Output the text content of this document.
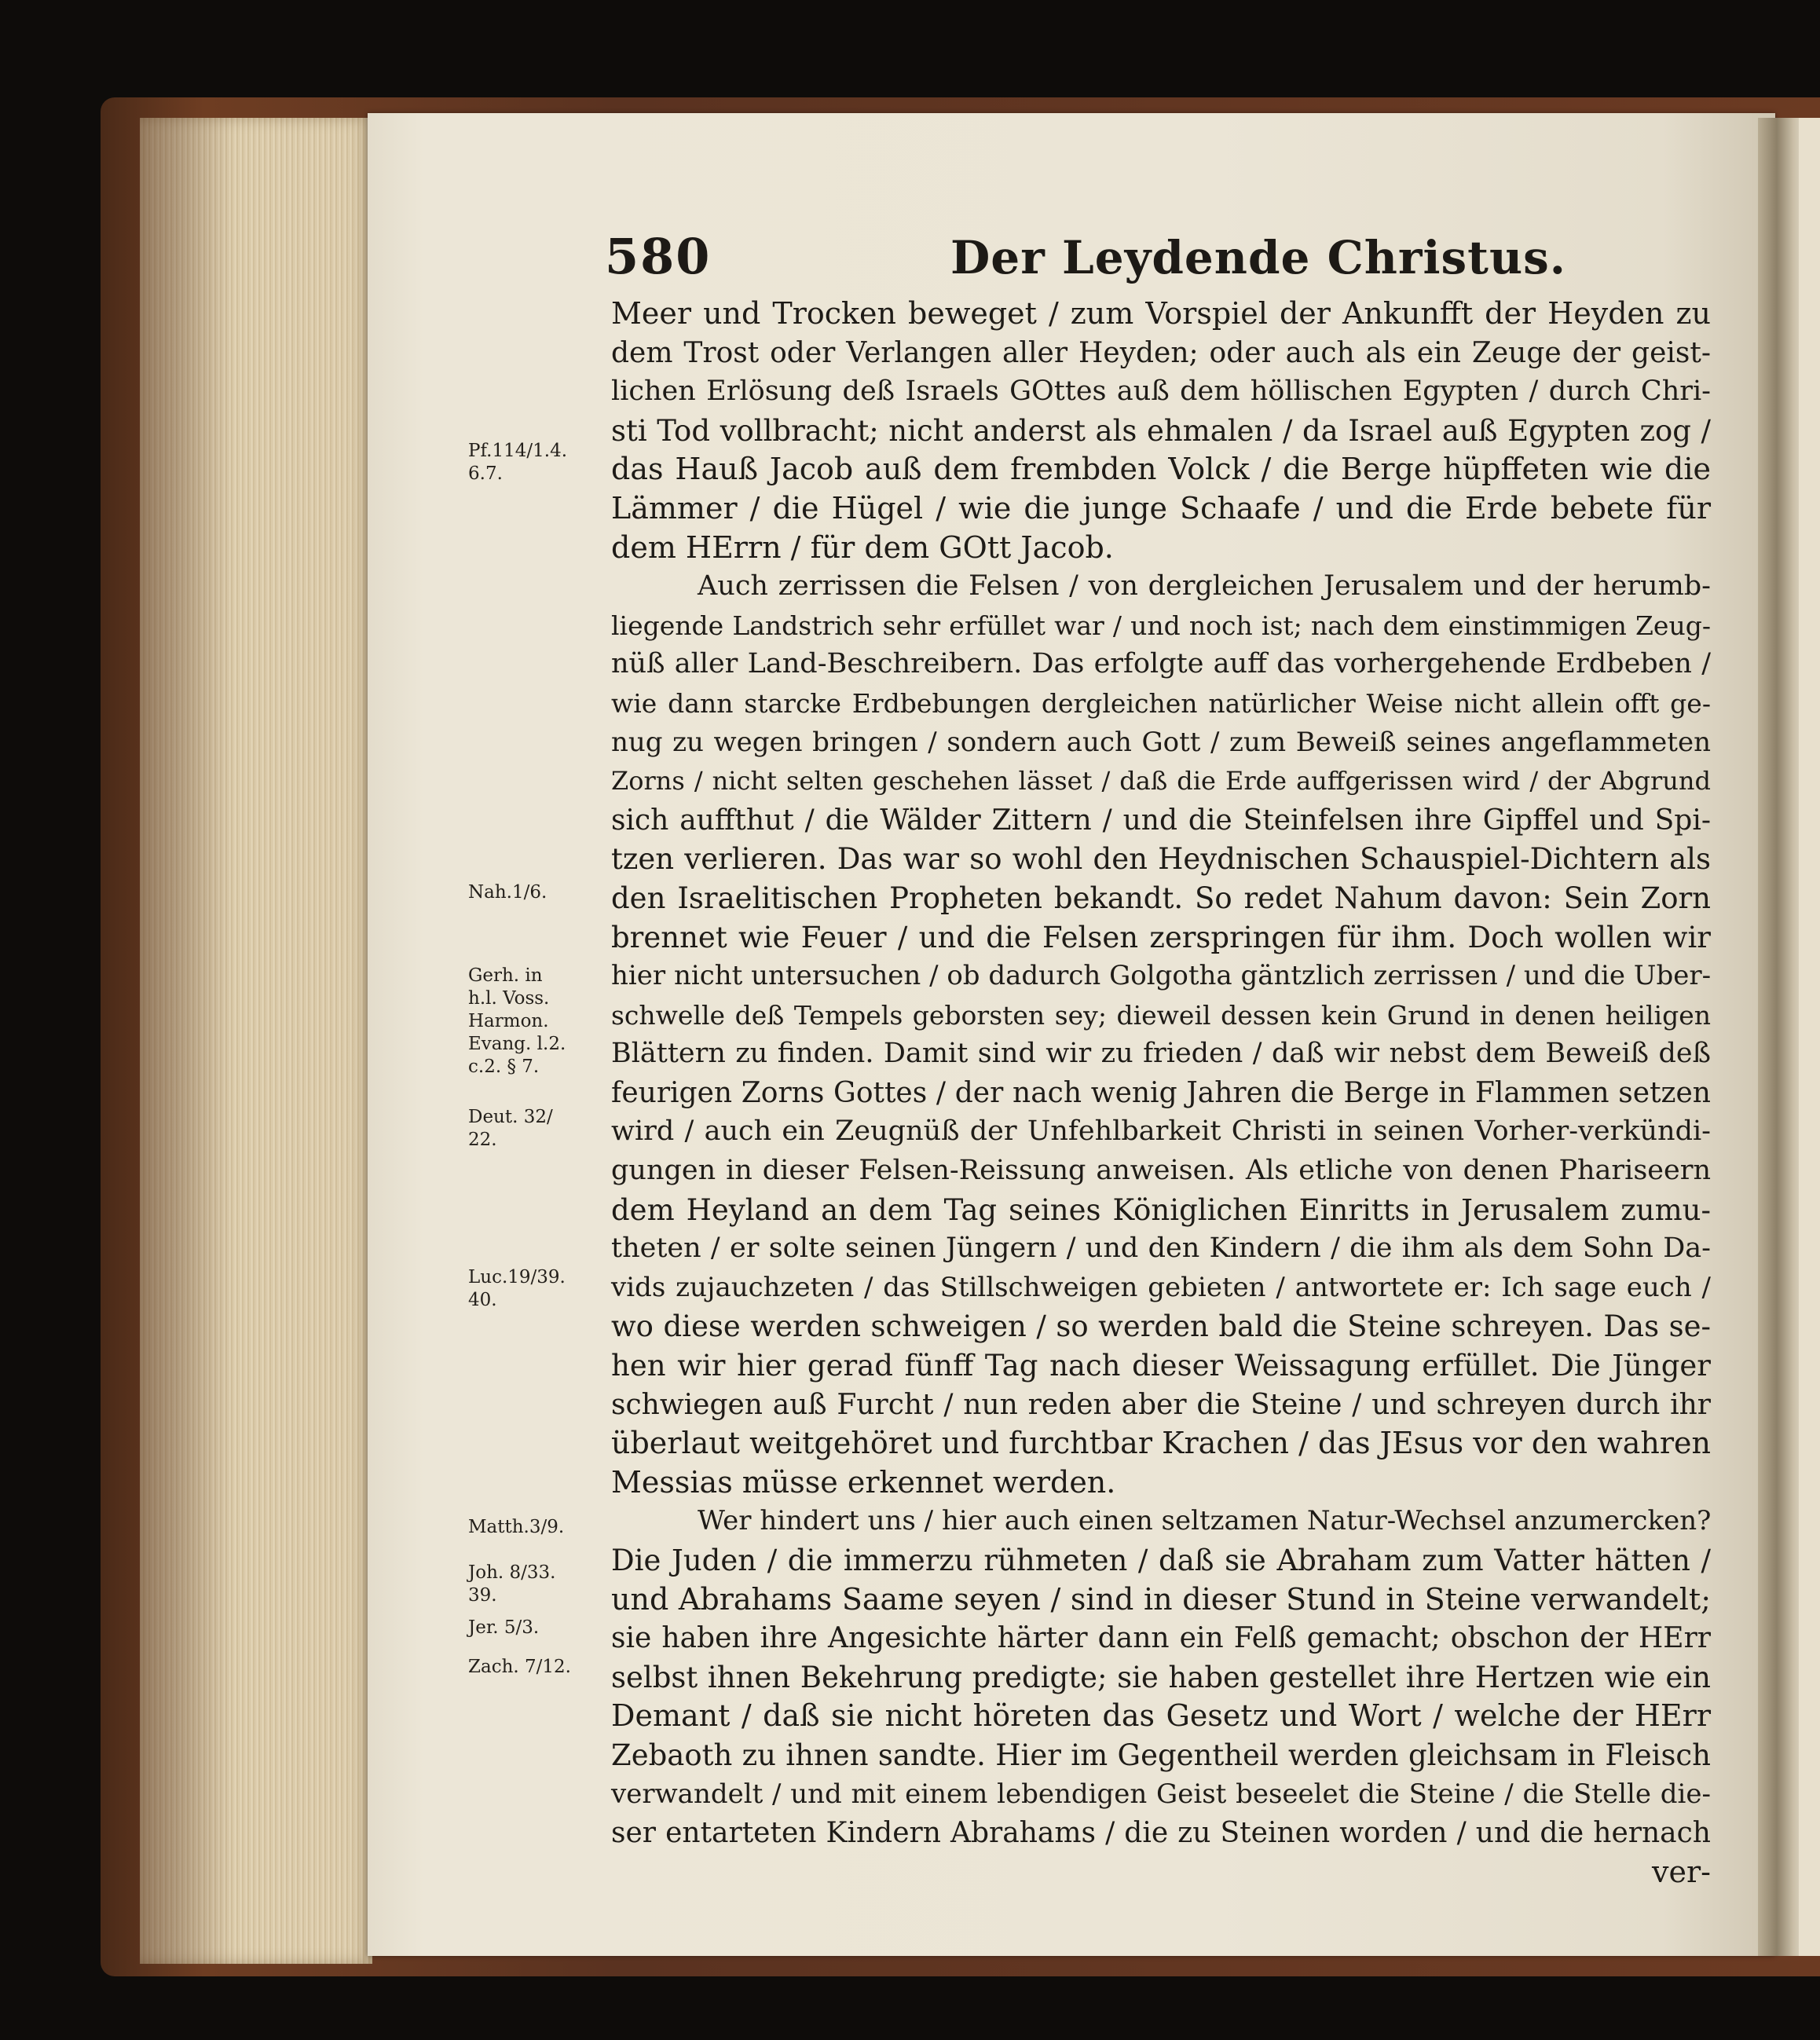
580	Der Leydende Christus.
Meer und Trocken beweget / zum Vorspiel der Ankunfft der Heyden zu
dem Trost oder Verlangen aller Heyden; oder auch als ein Zeuge der geist-
lichen Erlösung deß Israels GOttes auß dem höllischen Egypten / durch Chri-
sti Tod vollbracht; nicht anderst als ehmalen / da Israel auß Egypten zog /
das Hauß Jacob auß dem frembden Volck / die Berge hüpffeten wie die
Lämmer / die Hügel / wie die junge Schaafe / und die Erde bebete für
dem HErrn / für dem GOtt Jacob.
Auch zerrissen die Felsen / von dergleichen Jerusalem und der herumb-
liegende Landstrich sehr erfüllet war / und noch ist; nach dem einstimmigen Zeug-
nüß aller Land-Beschreibern. Das erfolgte auff das vorhergehende Erdbeben /
wie dann starcke Erdbebungen dergleichen natürlicher Weise nicht allein offt ge-
nug zu wegen bringen / sondern auch Gott / zum Beweiß seines angeflammeten
Zorns / nicht selten geschehen lässet / daß die Erde auffgerissen wird / der Abgrund
sich auffthut / die Wälder Zittern / und die Steinfelsen ihre Gipffel und Spi-
tzen verlieren. Das war so wohl den Heydnischen Schauspiel-Dichtern als
den Israelitischen Propheten bekandt. So redet Nahum davon: Sein Zorn
brennet wie Feuer / und die Felsen zerspringen für ihm. Doch wollen wir
hier nicht untersuchen / ob dadurch Golgotha gäntzlich zerrissen / und die Uber-
schwelle deß Tempels geborsten sey; dieweil dessen kein Grund in denen heiligen
Blättern zu finden. Damit sind wir zu frieden / daß wir nebst dem Beweiß deß
feurigen Zorns Gottes / der nach wenig Jahren die Berge in Flammen setzen
wird / auch ein Zeugnüß der Unfehlbarkeit Christi in seinen Vorher-verkündi-
gungen in dieser Felsen-Reissung anweisen. Als etliche von denen Phariseern
dem Heyland an dem Tag seines Königlichen Einritts in Jerusalem zumu-
theten / er solte seinen Jüngern / und den Kindern / die ihm als dem Sohn Da-
vids zujauchzeten / das Stillschweigen gebieten / antwortete er: Ich sage euch /
wo diese werden schweigen / so werden bald die Steine schreyen. Das se-
hen wir hier gerad fünff Tag nach dieser Weissagung erfüllet. Die Jünger
schwiegen auß Furcht / nun reden aber die Steine / und schreyen durch ihr
überlaut weitgehöret und furchtbar Krachen / das JEsus vor den wahren
Messias müsse erkennet werden.
Wer hindert uns / hier auch einen seltzamen Natur-Wechsel anzumercken?
Die Juden / die immerzu rühmeten / daß sie Abraham zum Vatter hätten /
und Abrahams Saame seyen / sind in dieser Stund in Steine verwandelt;
sie haben ihre Angesichte härter dann ein Felß gemacht; obschon der HErr
selbst ihnen Bekehrung predigte; sie haben gestellet ihre Hertzen wie ein
Demant / daß sie nicht höreten das Gesetz und Wort / welche der HErr
Zebaoth zu ihnen sandte. Hier im Gegentheil werden gleichsam in Fleisch
verwandelt / und mit einem lebendigen Geist beseelet die Steine / die Stelle die-
ser entarteten Kindern Abrahams / die zu Steinen worden / und die hernach
ver-
Pf.114/1.4.
6.7.
Nah.1/6.
Gerh. in
h.l. Voss.
Harmon.
Evang. l.2.
c.2. § 7.
Deut. 32/
22.
Luc.19/39.
40.
Matth.3/9.
Joh. 8/33.
39.
Jer. 5/3.
Zach. 7/12.
